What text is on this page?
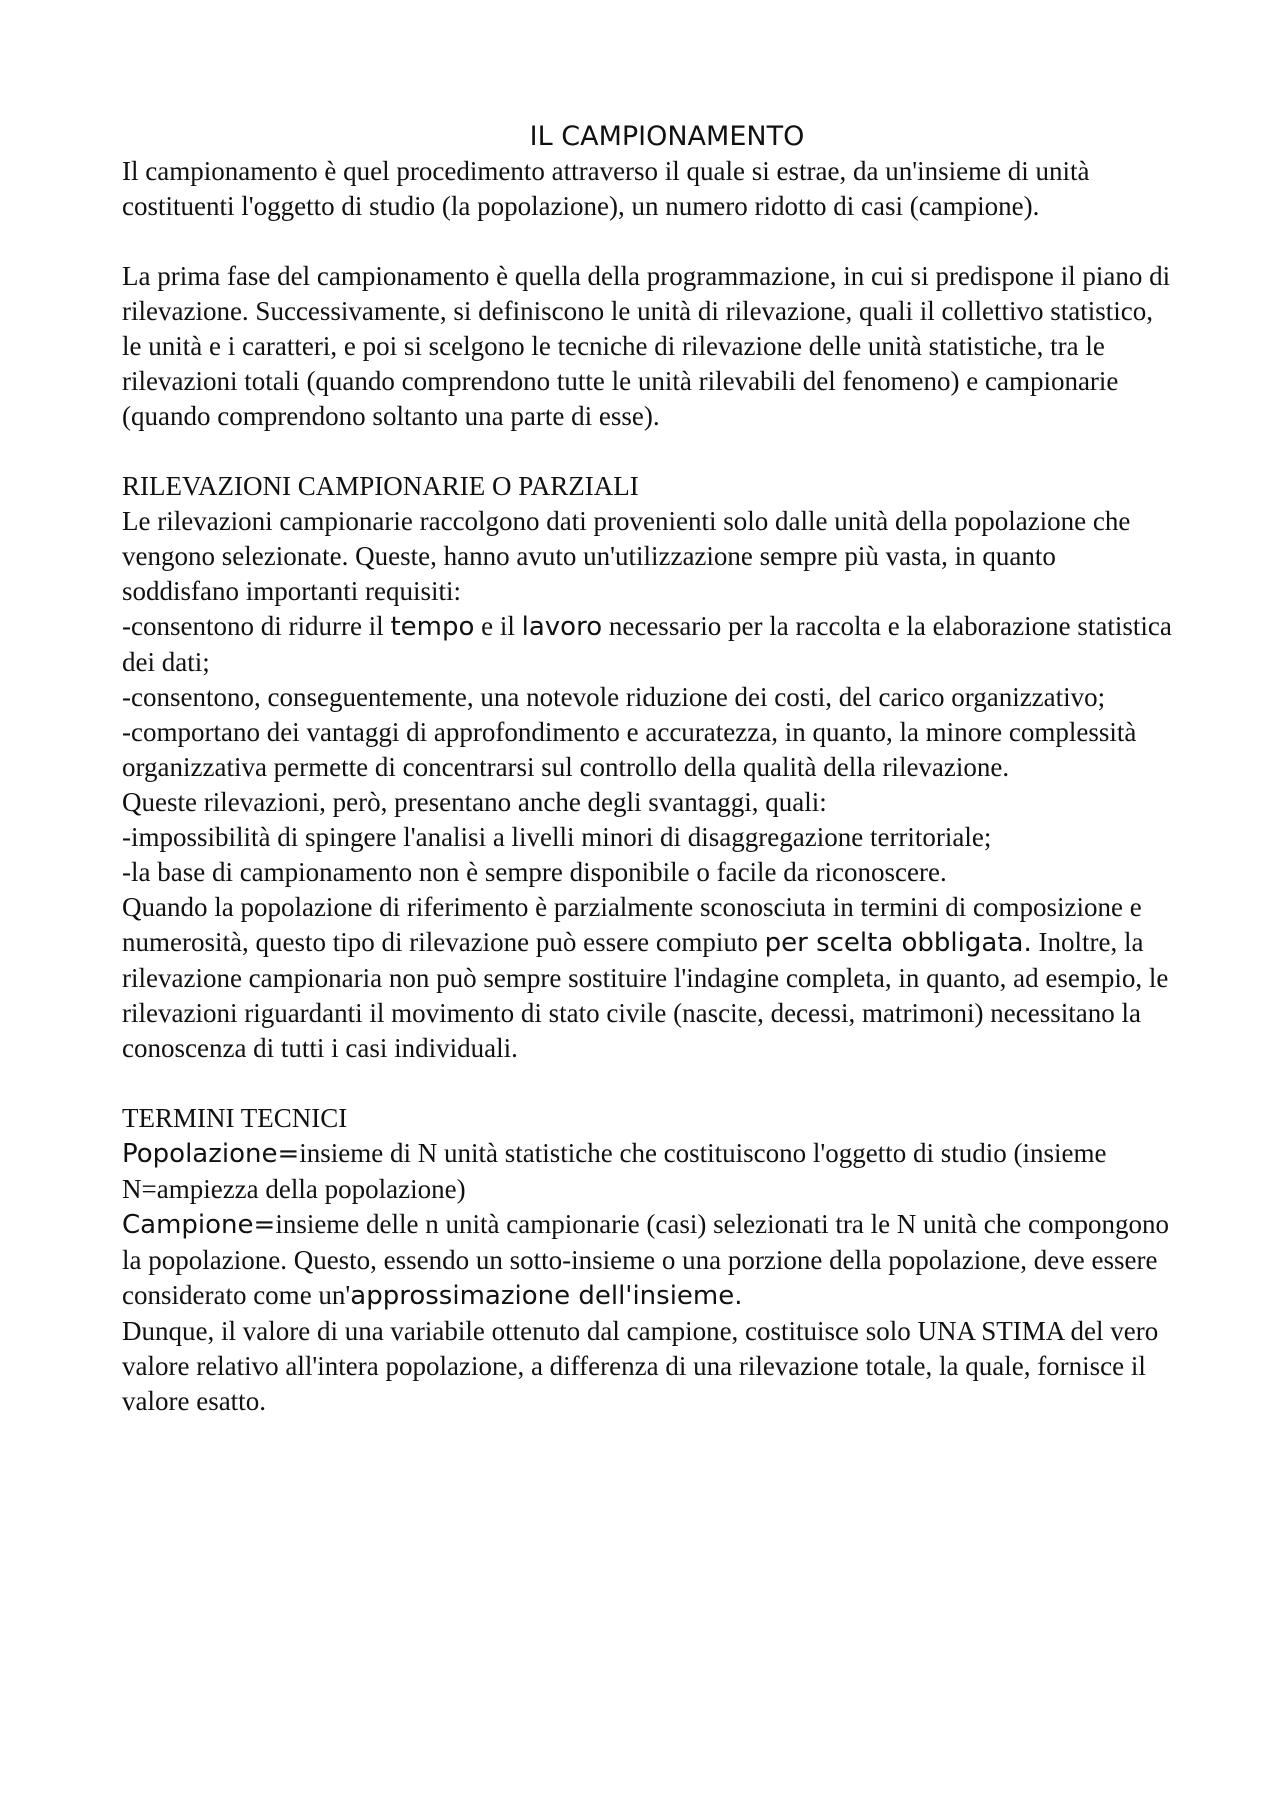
IL CAMPIONAMENTO

Il campionamento è quel procedimento attraverso il quale si estrae, da un'insieme di unità costituenti l'oggetto di studio (la popolazione), un numero ridotto di casi (campione).

La prima fase del campionamento è quella della programmazione, in cui si predispone il piano di rilevazione. Successivamente, si definiscono le unità di rilevazione, quali il collettivo statistico, le unità e i caratteri, e poi si scelgono le tecniche di rilevazione delle unità statistiche, tra le rilevazioni totali (quando comprendono tutte le unità rilevabili del fenomeno) e campionarie (quando comprendono soltanto una parte di esse).

RILEVAZIONI CAMPIONARIE O PARZIALI

Le rilevazioni campionarie raccolgono dati provenienti solo dalle unità della popolazione che vengono selezionate. Queste, hanno avuto un'utilizzazione sempre più vasta, in quanto soddisfano importanti requisiti:

-consentono di ridurre il tempo e il lavoro necessario per la raccolta e la elaborazione statistica dei dati;

-consentono, conseguentemente, una notevole riduzione dei costi, del carico organizzativo;

-comportano dei vantaggi di approfondimento e accuratezza, in quanto, la minore complessità organizzativa permette di concentrarsi sul controllo della qualità della rilevazione.

Queste rilevazioni, però, presentano anche degli svantaggi, quali:

-impossibilità di spingere l'analisi a livelli minori di disaggregazione territoriale;

-la base di campionamento non è sempre disponibile o facile da riconoscere.

Quando la popolazione di riferimento è parzialmente sconosciuta in termini di composizione e numerosità, questo tipo di rilevazione può essere compiuto per scelta obbligata. Inoltre, la rilevazione campionaria non può sempre sostituire l'indagine completa, in quanto, ad esempio, le rilevazioni riguardanti il movimento di stato civile (nascite, decessi, matrimoni) necessitano la conoscenza di tutti i casi individuali.

TERMINI TECNICI

Popolazione=insieme di N unità statistiche che costituiscono l'oggetto di studio (insieme N=ampiezza della popolazione)

Campione=insieme delle n unità campionarie (casi) selezionati tra le N unità che compongono la popolazione. Questo, essendo un sotto-insieme o una porzione della popolazione, deve essere considerato come un'approssimazione dell'insieme.

Dunque, il valore di una variabile ottenuto dal campione, costituisce solo UNA STIMA del vero valore relativo all'intera popolazione, a differenza di una rilevazione totale, la quale, fornisce il valore esatto.
